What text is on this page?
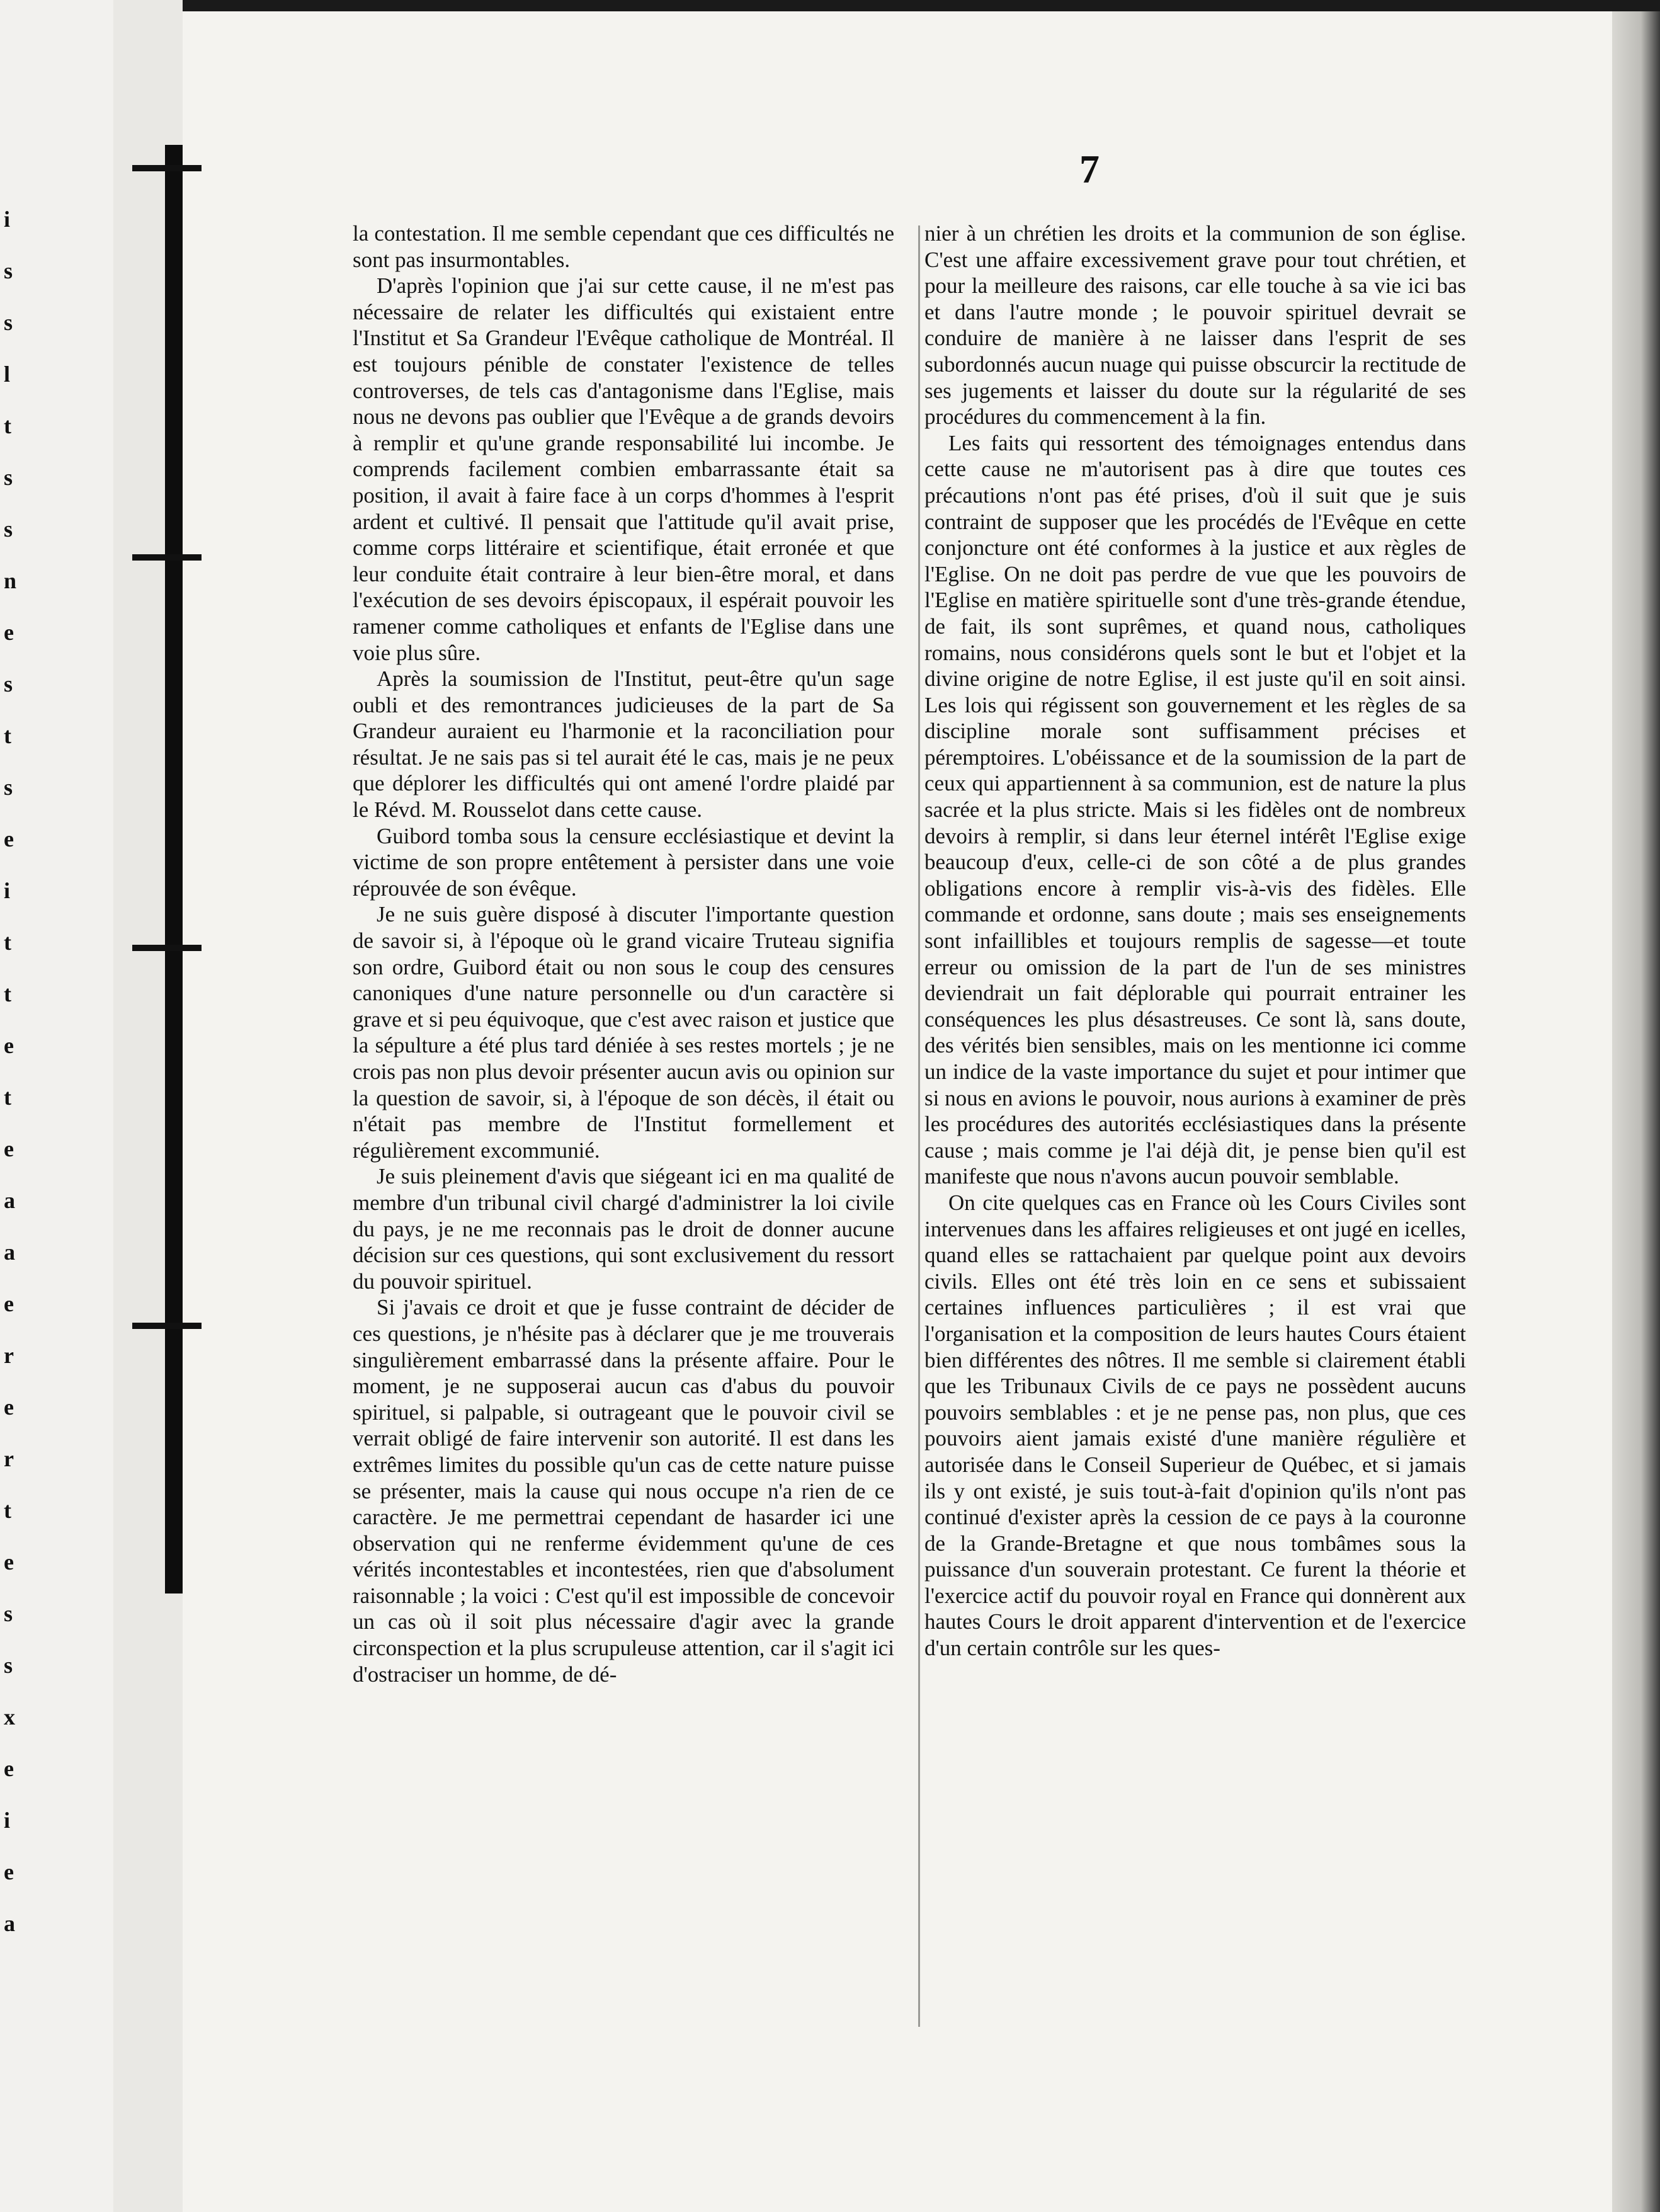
i
s
s
l
t
s
s
n
e
s
t
s
e
i
t
t
e
t
e
a
a
e
r
e
r
t
e
s
s
x
e
i
e
a
7

la contestation. Il me semble cependant que ces difficultés ne sont pas insurmontables.

D'après l'opinion que j'ai sur cette cause, il ne m'est pas nécessaire de relater les difficultés qui existaient entre l'Institut et Sa Grandeur l'Evêque catholique de Montréal. Il est toujours pénible de constater l'existence de telles controverses, de tels cas d'antagonisme dans l'Eglise, mais nous ne devons pas oublier que l'Evêque a de grands devoirs à remplir et qu'une grande responsabilité lui incombe. Je comprends facilement combien embarrassante était sa position, il avait à faire face à un corps d'hommes à l'esprit ardent et cultivé. Il pensait que l'attitude qu'il avait prise, comme corps littéraire et scientifique, était erronée et que leur conduite était contraire à leur bien-être moral, et dans l'exécution de ses devoirs épiscopaux, il espérait pouvoir les ramener comme catholiques et enfants de l'Eglise dans une voie plus sûre.

Après la soumission de l'Institut, peut-être qu'un sage oubli et des remontrances judicieuses de la part de Sa Grandeur auraient eu l'harmonie et la raconciliation pour résultat. Je ne sais pas si tel aurait été le cas, mais je ne peux que déplorer les difficultés qui ont amené l'ordre plaidé par le Révd. M. Rousselot dans cette cause.

Guibord tomba sous la censure ecclésiastique et devint la victime de son propre entêtement à persister dans une voie réprouvée de son évêque.

Je ne suis guère disposé à discuter l'importante question de savoir si, à l'époque où le grand vicaire Truteau signifia son ordre, Guibord était ou non sous le coup des censures canoniques d'une nature personnelle ou d'un caractère si grave et si peu équivoque, que c'est avec raison et justice que la sépulture a été plus tard déniée à ses restes mortels ; je ne crois pas non plus devoir présenter aucun avis ou opinion sur la question de savoir, si, à l'époque de son décès, il était ou n'était pas membre de l'Institut formellement et régulièrement excommunié.

Je suis pleinement d'avis que siégeant ici en ma qualité de membre d'un tribunal civil chargé d'administrer la loi civile du pays, je ne me reconnais pas le droit de donner aucune décision sur ces questions, qui sont exclusivement du ressort du pouvoir spirituel.

Si j'avais ce droit et que je fusse contraint de décider de ces questions, je n'hésite pas à déclarer que je me trouverais singulièrement embarrassé dans la présente affaire. Pour le moment, je ne supposerai aucun cas d'abus du pouvoir spirituel, si palpable, si outrageant que le pouvoir civil se verrait obligé de faire intervenir son autorité. Il est dans les extrêmes limites du possible qu'un cas de cette nature puisse se présenter, mais la cause qui nous occupe n'a rien de ce caractère. Je me permettrai cependant de hasarder ici une observation qui ne renferme évidemment qu'une de ces vérités incontestables et incontestées, rien que d'absolument raisonnable ; la voici : C'est qu'il est impossible de concevoir un cas où il soit plus nécessaire d'agir avec la grande circonspection et la plus scrupuleuse attention, car il s'agit ici d'ostraciser un homme, de dé-

nier à un chrétien les droits et la communion de son église. C'est une affaire excessivement grave pour tout chrétien, et pour la meilleure des raisons, car elle touche à sa vie ici bas et dans l'autre monde ; le pouvoir spirituel devrait se conduire de manière à ne laisser dans l'esprit de ses subordonnés aucun nuage qui puisse obscurcir la rectitude de ses jugements et laisser du doute sur la régularité de ses procédures du commencement à la fin.

Les faits qui ressortent des témoignages entendus dans cette cause ne m'autorisent pas à dire que toutes ces précautions n'ont pas été prises, d'où il suit que je suis contraint de supposer que les procédés de l'Evêque en cette conjoncture ont été conformes à la justice et aux règles de l'Eglise. On ne doit pas perdre de vue que les pouvoirs de l'Eglise en matière spirituelle sont d'une très-grande étendue, de fait, ils sont suprêmes, et quand nous, catholiques romains, nous considérons quels sont le but et l'objet et la divine origine de notre Eglise, il est juste qu'il en soit ainsi. Les lois qui régissent son gouvernement et les règles de sa discipline morale sont suffisamment précises et péremptoires. L'obéissance et de la soumission de la part de ceux qui appartiennent à sa communion, est de nature la plus sacrée et la plus stricte. Mais si les fidèles ont de nombreux devoirs à remplir, si dans leur éternel intérêt l'Eglise exige beaucoup d'eux, celle-ci de son côté a de plus grandes obligations encore à remplir vis-à-vis des fidèles. Elle commande et ordonne, sans doute ; mais ses enseignements sont infaillibles et toujours remplis de sagesse—et toute erreur ou omission de la part de l'un de ses ministres deviendrait un fait déplorable qui pourrait entrainer les conséquences les plus désastreuses. Ce sont là, sans doute, des vérités bien sensibles, mais on les mentionne ici comme un indice de la vaste importance du sujet et pour intimer que si nous en avions le pouvoir, nous aurions à examiner de près les procédures des autorités ecclésiastiques dans la présente cause ; mais comme je l'ai déjà dit, je pense bien qu'il est manifeste que nous n'avons aucun pouvoir semblable.

On cite quelques cas en France où les Cours Civiles sont intervenues dans les affaires religieuses et ont jugé en icelles, quand elles se rattachaient par quelque point aux devoirs civils. Elles ont été très loin en ce sens et subissaient certaines influences particulières ; il est vrai que l'organisation et la composition de leurs hautes Cours étaient bien différentes des nôtres. Il me semble si clairement établi que les Tribunaux Civils de ce pays ne possèdent aucuns pouvoirs semblables : et je ne pense pas, non plus, que ces pouvoirs aient jamais existé d'une manière régulière et autorisée dans le Conseil Superieur de Québec, et si jamais ils y ont existé, je suis tout-à-fait d'opinion qu'ils n'ont pas continué d'exister après la cession de ce pays à la couronne de la Grande-Bretagne et que nous tombâmes sous la puissance d'un souverain protestant. Ce furent la théorie et l'exercice actif du pouvoir royal en France qui donnèrent aux hautes Cours le droit apparent d'intervention et de l'exercice d'un certain contrôle sur les ques-
